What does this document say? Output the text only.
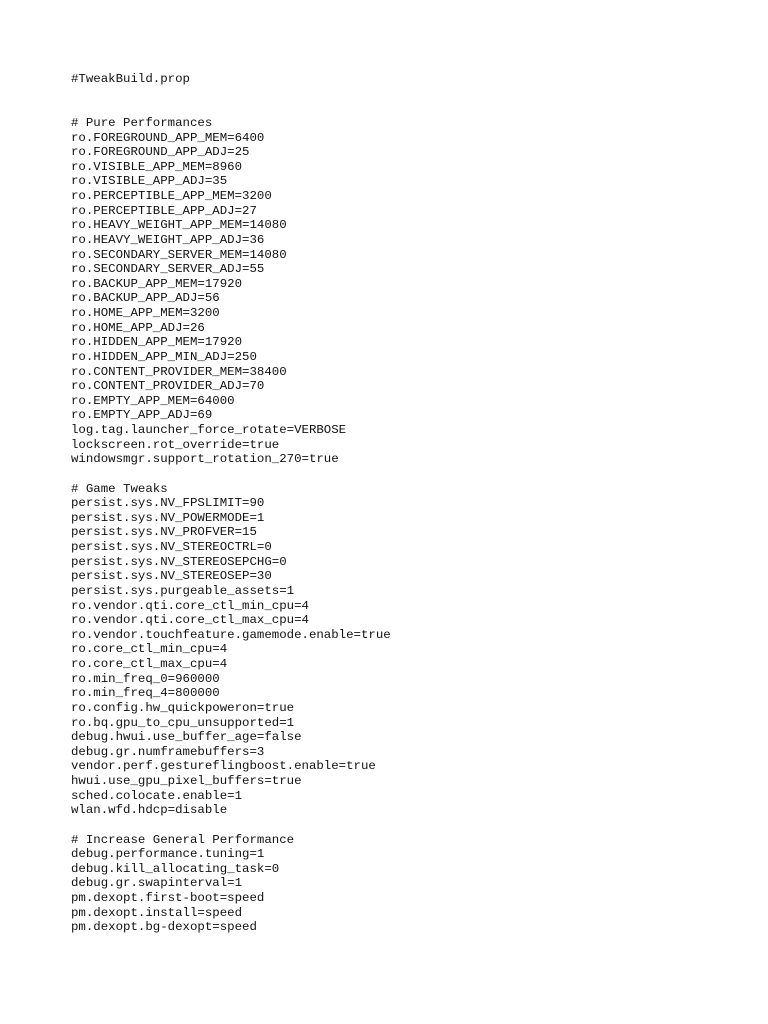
#TweakBuild.prop
# Pure Performances
ro.FOREGROUND_APP_MEM=6400
ro.FOREGROUND_APP_ADJ=25
ro.VISIBLE_APP_MEM=8960
ro.VISIBLE_APP_ADJ=35
ro.PERCEPTIBLE_APP_MEM=3200
ro.PERCEPTIBLE_APP_ADJ=27
ro.HEAVY_WEIGHT_APP_MEM=14080
ro.HEAVY_WEIGHT_APP_ADJ=36
ro.SECONDARY_SERVER_MEM=14080
ro.SECONDARY_SERVER_ADJ=55
ro.BACKUP_APP_MEM=17920
ro.BACKUP_APP_ADJ=56
ro.HOME_APP_MEM=3200
ro.HOME_APP_ADJ=26
ro.HIDDEN_APP_MEM=17920
ro.HIDDEN_APP_MIN_ADJ=250
ro.CONTENT_PROVIDER_MEM=38400
ro.CONTENT_PROVIDER_ADJ=70
ro.EMPTY_APP_MEM=64000
ro.EMPTY_APP_ADJ=69
log.tag.launcher_force_rotate=VERBOSE
lockscreen.rot_override=true
windowsmgr.support_rotation_270=true
# Game Tweaks
persist.sys.NV_FPSLIMIT=90
persist.sys.NV_POWERMODE=1
persist.sys.NV_PROFVER=15
persist.sys.NV_STEREOCTRL=0
persist.sys.NV_STEREOSEPCHG=0
persist.sys.NV_STEREOSEP=30
persist.sys.purgeable_assets=1
ro.vendor.qti.core_ctl_min_cpu=4
ro.vendor.qti.core_ctl_max_cpu=4
ro.vendor.touchfeature.gamemode.enable=true
ro.core_ctl_min_cpu=4
ro.core_ctl_max_cpu=4
ro.min_freq_0=960000
ro.min_freq_4=800000
ro.config.hw_quickpoweron=true
ro.bq.gpu_to_cpu_unsupported=1
debug.hwui.use_buffer_age=false
debug.gr.numframebuffers=3
vendor.perf.gestureflingboost.enable=true
hwui.use_gpu_pixel_buffers=true
sched.colocate.enable=1
wlan.wfd.hdcp=disable
# Increase General Performance
debug.performance.tuning=1
debug.kill_allocating_task=0
debug.gr.swapinterval=1
pm.dexopt.first-boot=speed
pm.dexopt.install=speed
pm.dexopt.bg-dexopt=speed
